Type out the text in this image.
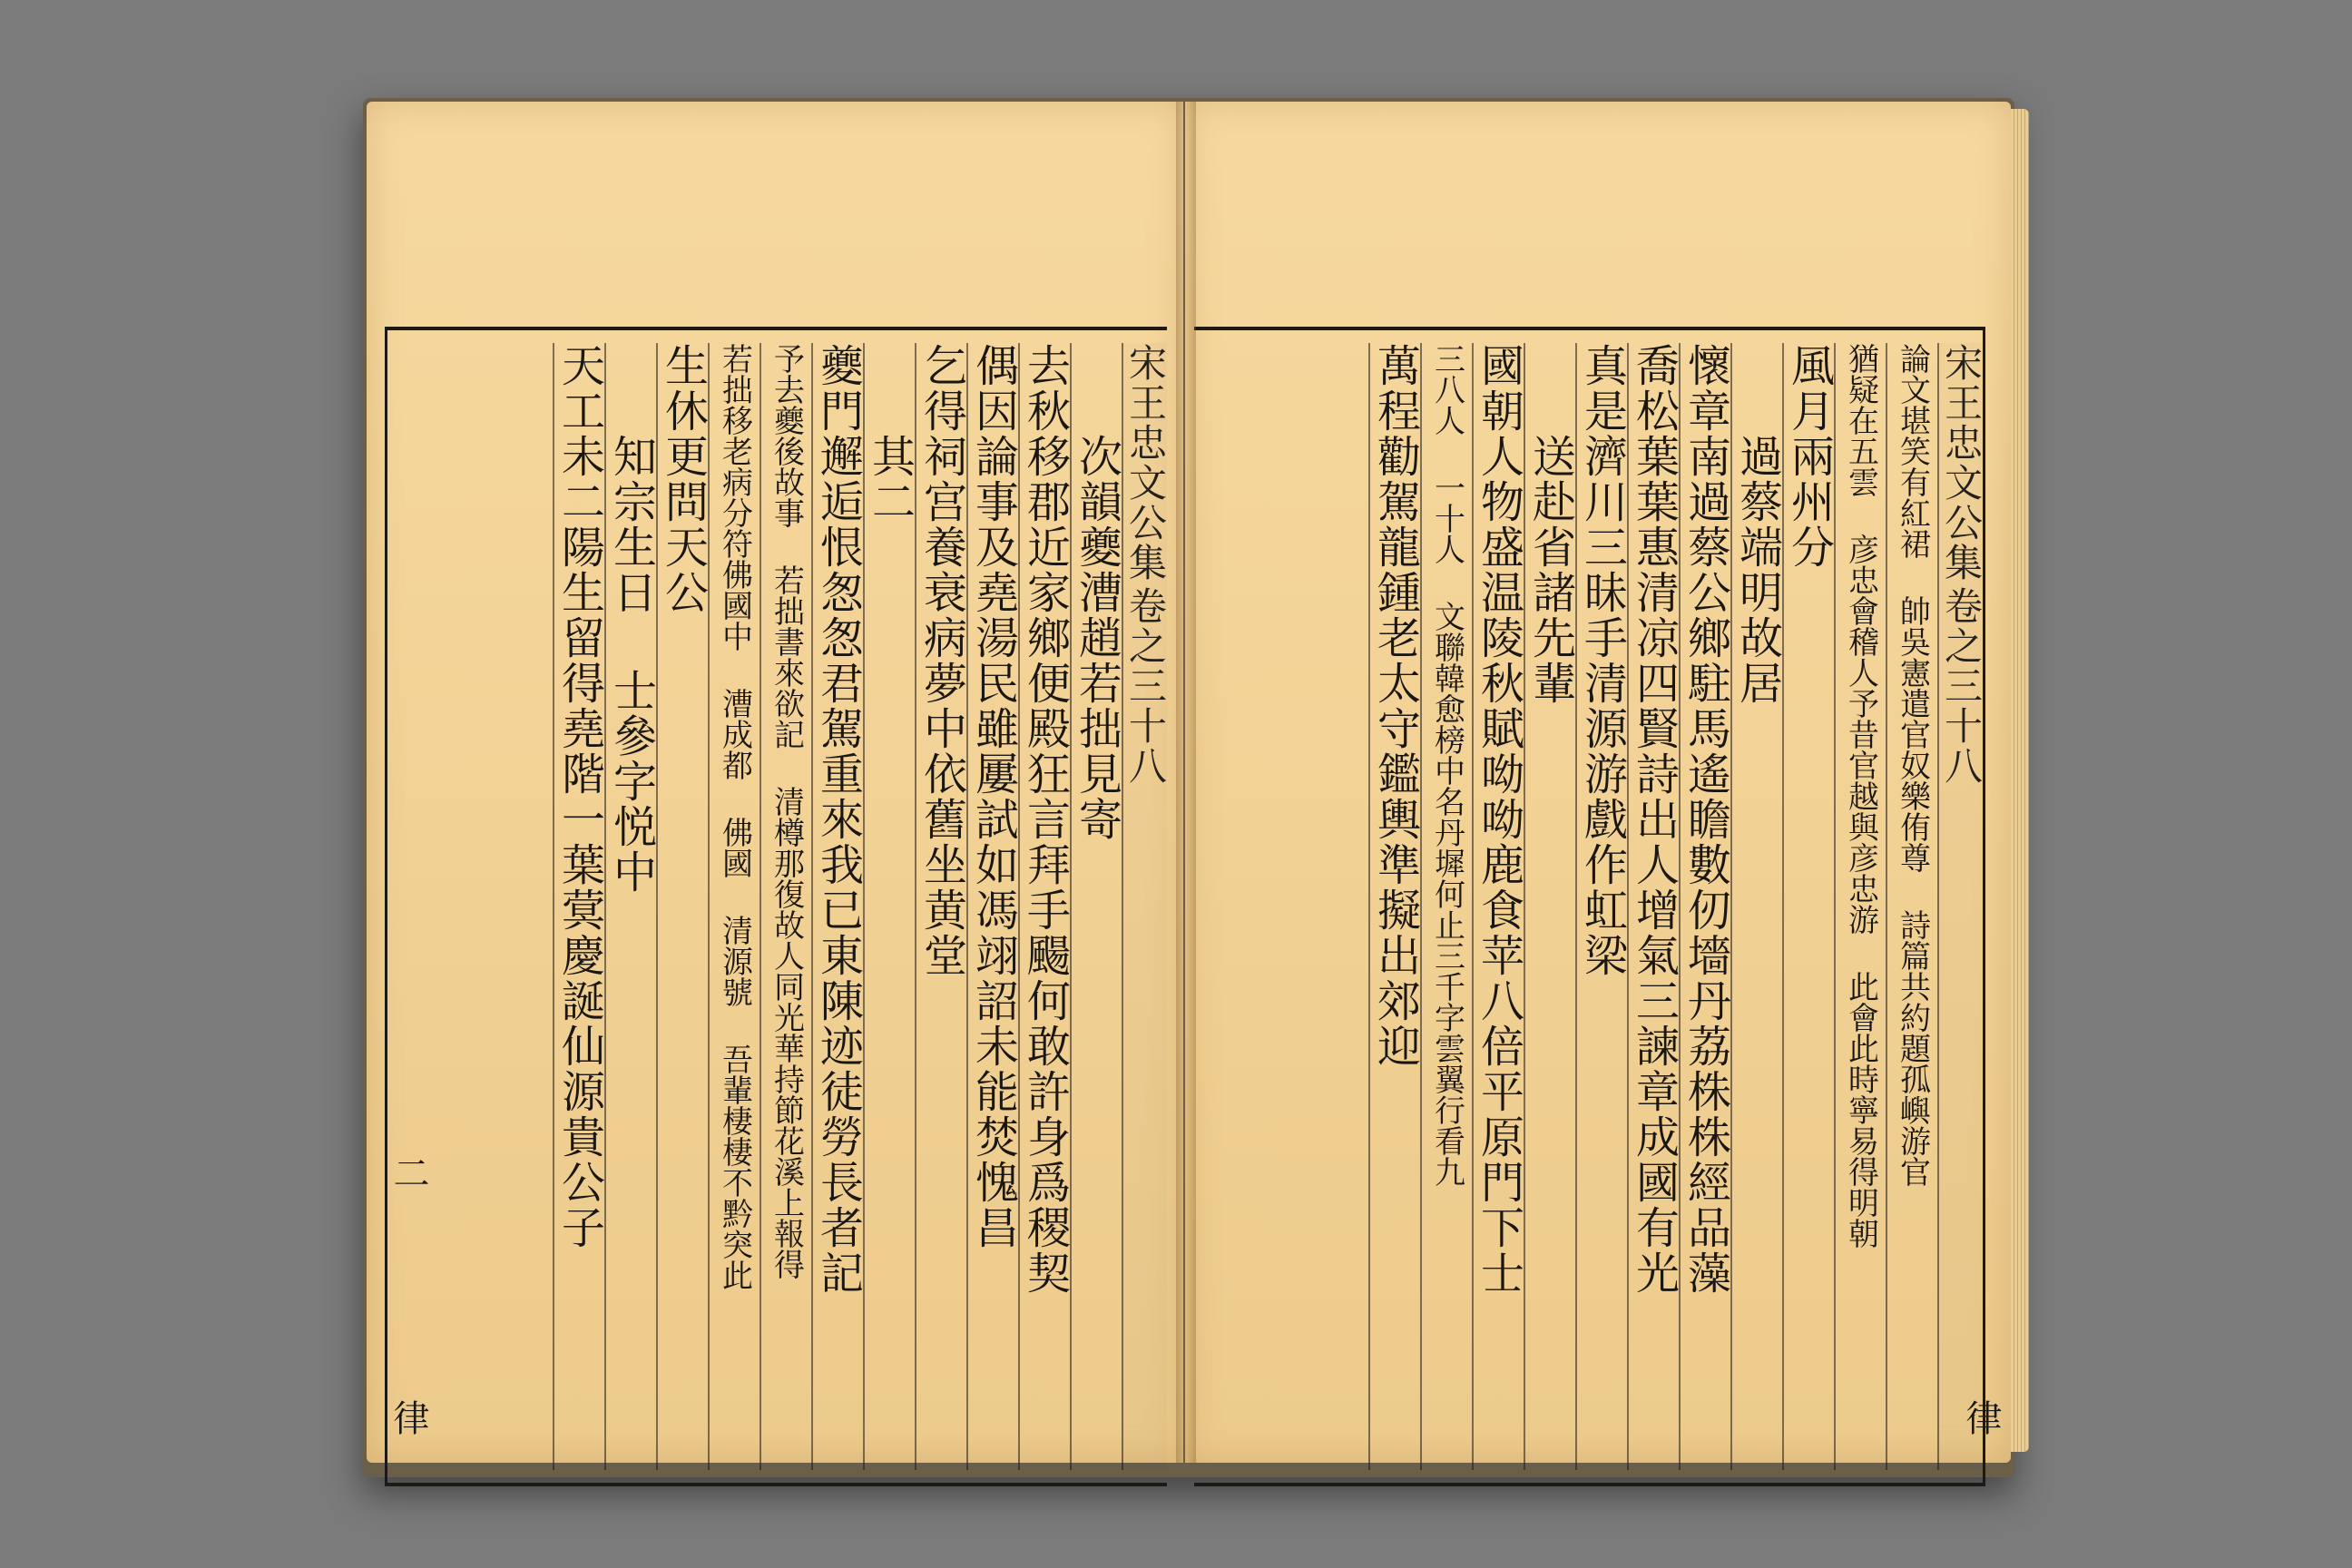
宋王忠文公集卷之三十八
次韻夔漕趙若拙見寄
去秋移郡近家鄉便殿狂言拜手颺何敢許身爲稷契
偶因論事及堯湯民雖屢試如馮翊詔未能焚愧昌
乞得祠宫養衰病夢中依舊坐黄堂
其二
夔門邂逅恨怱怱君駕重來我已東陳迹徒勞長者記
予去夔後故事 若拙書來欲記 清樽那復故人同光華持節花溪上報得
若拙移老病分符佛國中 漕成都 佛國 清源號 吾輩棲棲不黔突此
生休更問天公
知宗生日 士參字悦中
天工未二陽生留得堯階一葉蓂慶誕仙源貴公子
二
律
宋王忠文公集卷之三十八
論文堪笑有紅裙 帥吳憲遣官奴樂侑尊 詩篇共約題孤嶼游官
猶疑在五雲 彦忠會稽人予昔官越與彦忠游 此會此時寧易得明朝
風月兩州分
過蔡端明故居
懷章南過蔡公鄉駐馬遙瞻數仞墻丹荔株株經品藻
喬松葉葉惠清凉四賢詩出人增氣三諫章成國有光
真是濟川三昧手清源游戲作虹梁
送赴省諸先輩
國朝人物盛温陵秋賦呦呦鹿食苹八倍平原門下士
三八人 一十人 文聯韓愈榜中名丹墀何止三千字雲翼行看九
萬程勸駕龍鍾老太守鑑輿準擬出郊迎
律
